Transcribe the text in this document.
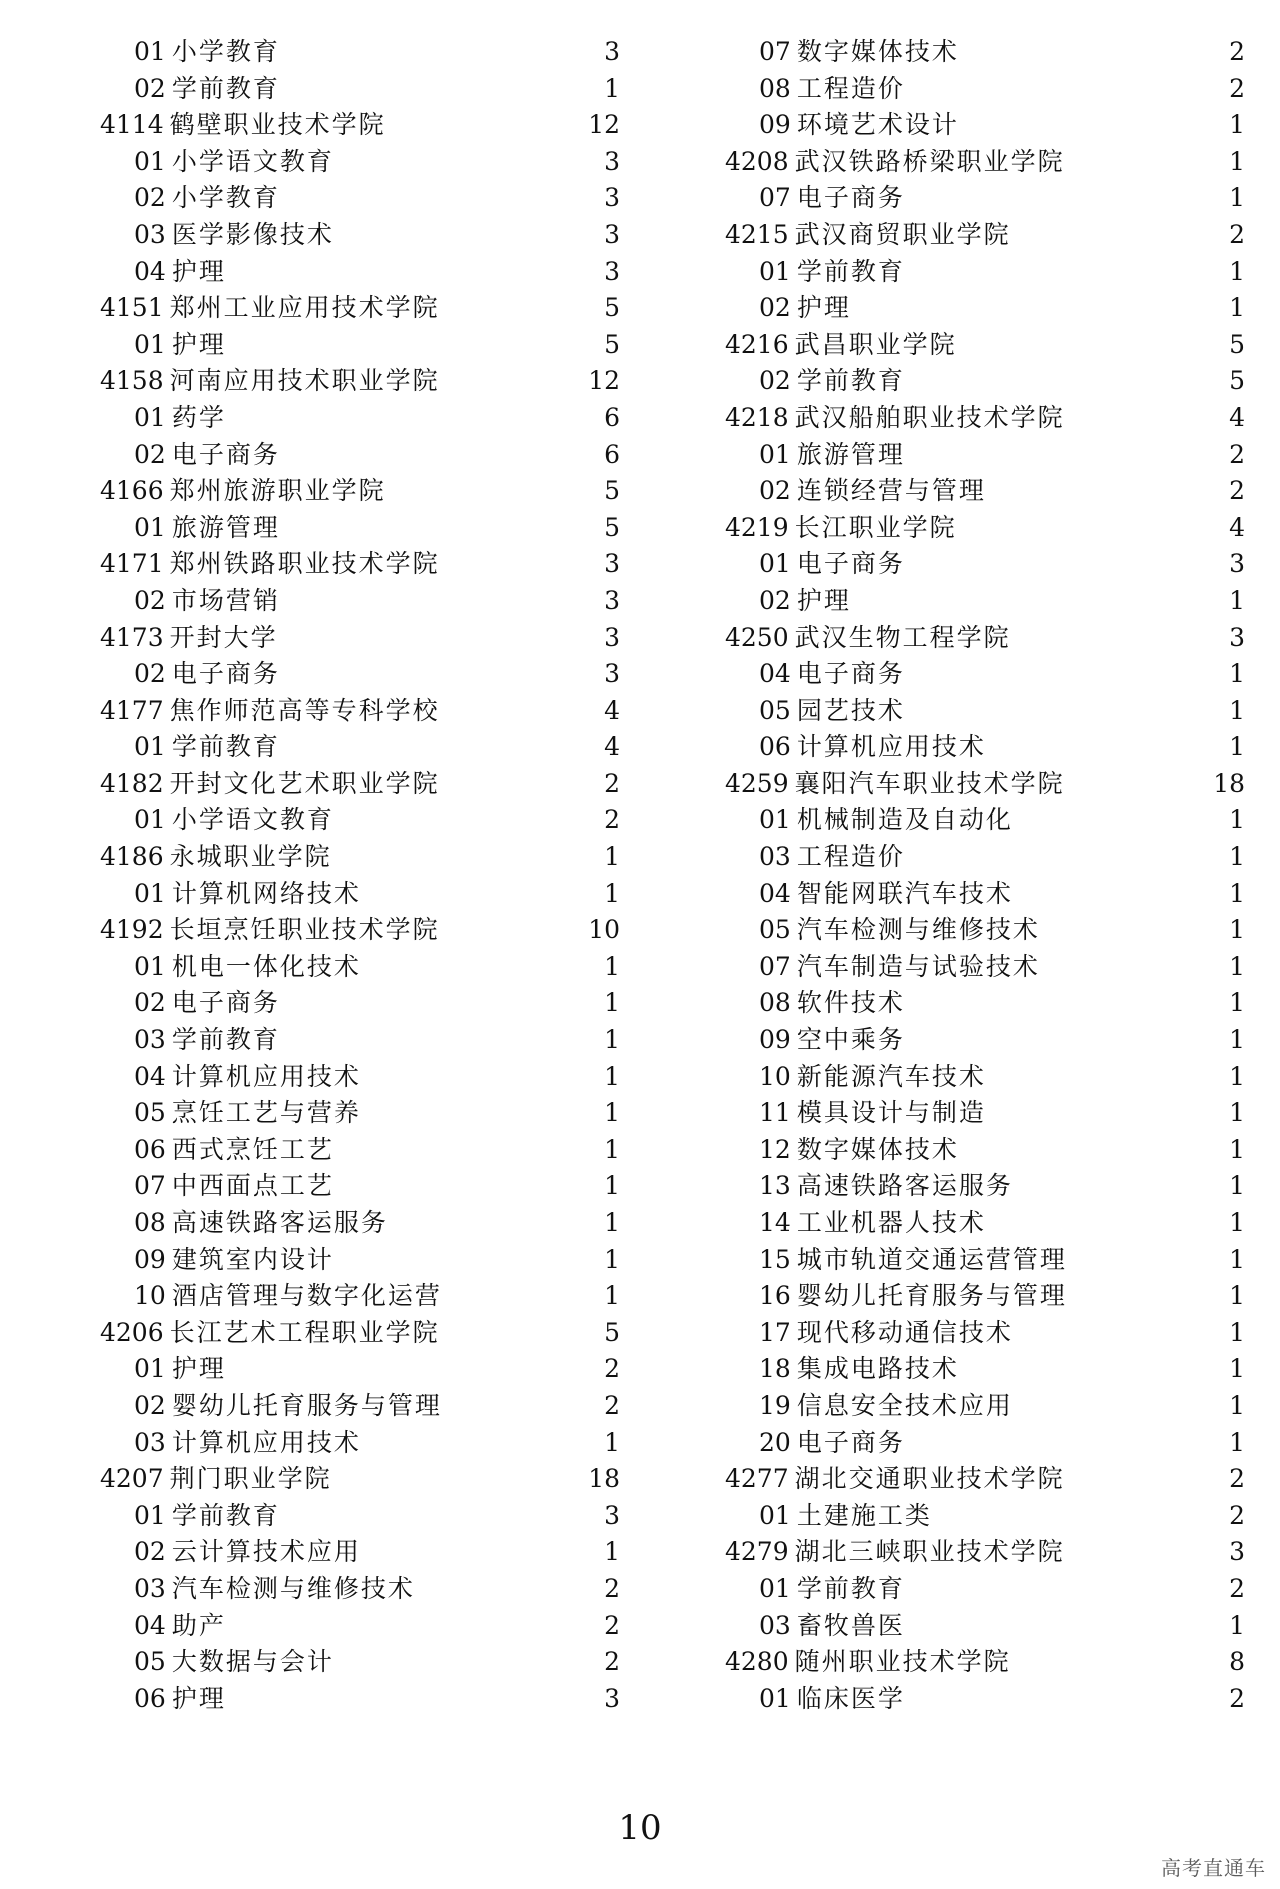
01 小学教育	3
02 学前教育	1
4114 鹤壁职业技术学院	12
01 小学语文教育	3
02 小学教育	3
03 医学影像技术	3
04 护理	3
4151 郑州工业应用技术学院	5
01 护理	5
4158 河南应用技术职业学院	12
01 药学	6
02 电子商务	6
4166 郑州旅游职业学院	5
01 旅游管理	5
4171 郑州铁路职业技术学院	3
02 市场营销	3
4173 开封大学	3
02 电子商务	3
4177 焦作师范高等专科学校	4
01 学前教育	4
4182 开封文化艺术职业学院	2
01 小学语文教育	2
4186 永城职业学院	1
01 计算机网络技术	1
4192 长垣烹饪职业技术学院	10
01 机电一体化技术	1
02 电子商务	1
03 学前教育	1
04 计算机应用技术	1
05 烹饪工艺与营养	1
06 西式烹饪工艺	1
07 中西面点工艺	1
08 高速铁路客运服务	1
09 建筑室内设计	1
10 酒店管理与数字化运营	1
4206 长江艺术工程职业学院	5
01 护理	2
02 婴幼儿托育服务与管理	2
03 计算机应用技术	1
4207 荆门职业学院	18
01 学前教育	3
02 云计算技术应用	1
03 汽车检测与维修技术	2
04 助产	2
05 大数据与会计	2
06 护理	3
07 数字媒体技术	2
08 工程造价	2
09 环境艺术设计	1
4208 武汉铁路桥梁职业学院	1
07 电子商务	1
4215 武汉商贸职业学院	2
01 学前教育	1
02 护理	1
4216 武昌职业学院	5
02 学前教育	5
4218 武汉船舶职业技术学院	4
01 旅游管理	2
02 连锁经营与管理	2
4219 长江职业学院	4
01 电子商务	3
02 护理	1
4250 武汉生物工程学院	3
04 电子商务	1
05 园艺技术	1
06 计算机应用技术	1
4259 襄阳汽车职业技术学院	18
01 机械制造及自动化	1
03 工程造价	1
04 智能网联汽车技术	1
05 汽车检测与维修技术	1
07 汽车制造与试验技术	1
08 软件技术	1
09 空中乘务	1
10 新能源汽车技术	1
11 模具设计与制造	1
12 数字媒体技术	1
13 高速铁路客运服务	1
14 工业机器人技术	1
15 城市轨道交通运营管理	1
16 婴幼儿托育服务与管理	1
17 现代移动通信技术	1
18 集成电路技术	1
19 信息安全技术应用	1
20 电子商务	1
4277 湖北交通职业技术学院	2
01 土建施工类	2
4279 湖北三峡职业技术学院	3
01 学前教育	2
03 畜牧兽医	1
4280 随州职业技术学院	8
01 临床医学	2
10
高考直通车
